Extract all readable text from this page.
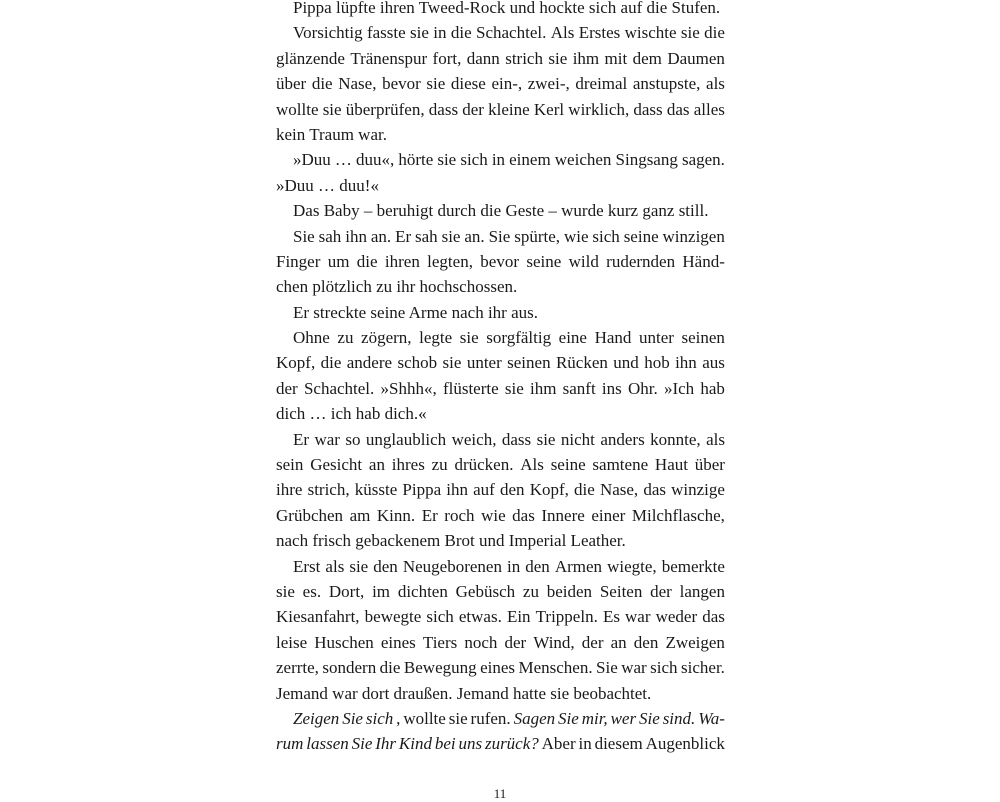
Pippa lüpfte ihren Tweed-Rock und hockte sich auf die Stufen.
Vorsichtig fasste sie in die Schachtel. Als Erstes wischte sie die
glänzende Tränenspur fort, dann strich sie ihm mit dem Daumen
über die Nase, bevor sie diese ein-, zwei-, dreimal anstupste, als
wollte sie überprüfen, dass der kleine Kerl wirklich, dass das alles
kein Traum war.
»Duu … duu«, hörte sie sich in einem weichen Singsang sagen.
»Duu … duu!«
Das Baby – beruhigt durch die Geste – wurde kurz ganz still.
Sie sah ihn an. Er sah sie an. Sie spürte, wie sich seine winzigen
Finger um die ihren legten, bevor seine wild rudernden Händ-
chen plötzlich zu ihr hochschossen.
Er streckte seine Arme nach ihr aus.
Ohne zu zögern, legte sie sorgfältig eine Hand unter seinen
Kopf, die andere schob sie unter seinen Rücken und hob ihn aus
der Schachtel. »Shhh«, flüsterte sie ihm sanft ins Ohr. »Ich hab
dich … ich hab dich.«
Er war so unglaublich weich, dass sie nicht anders konnte, als
sein Gesicht an ihres zu drücken. Als seine samtene Haut über
ihre strich, küsste Pippa ihn auf den Kopf, die Nase, das winzige
Grübchen am Kinn. Er roch wie das Innere einer Milchflasche,
nach frisch gebackenem Brot und Imperial Leather.
Erst als sie den Neugeborenen in den Armen wiegte, bemerkte
sie es. Dort, im dichten Gebüsch zu beiden Seiten der langen
Kiesanfahrt, bewegte sich etwas. Ein Trippeln. Es war weder das
leise Huschen eines Tiers noch der Wind, der an den Zweigen
zerrte, sondern die Bewegung eines Menschen. Sie war sich sicher.
Jemand war dort draußen. Jemand hatte sie beobachtet.
Zeigen Sie sich , wollte sie rufen. Sagen Sie mir, wer Sie sind. Wa-
rum lassen Sie Ihr Kind bei uns zurück? Aber in diesem Augenblick
11
